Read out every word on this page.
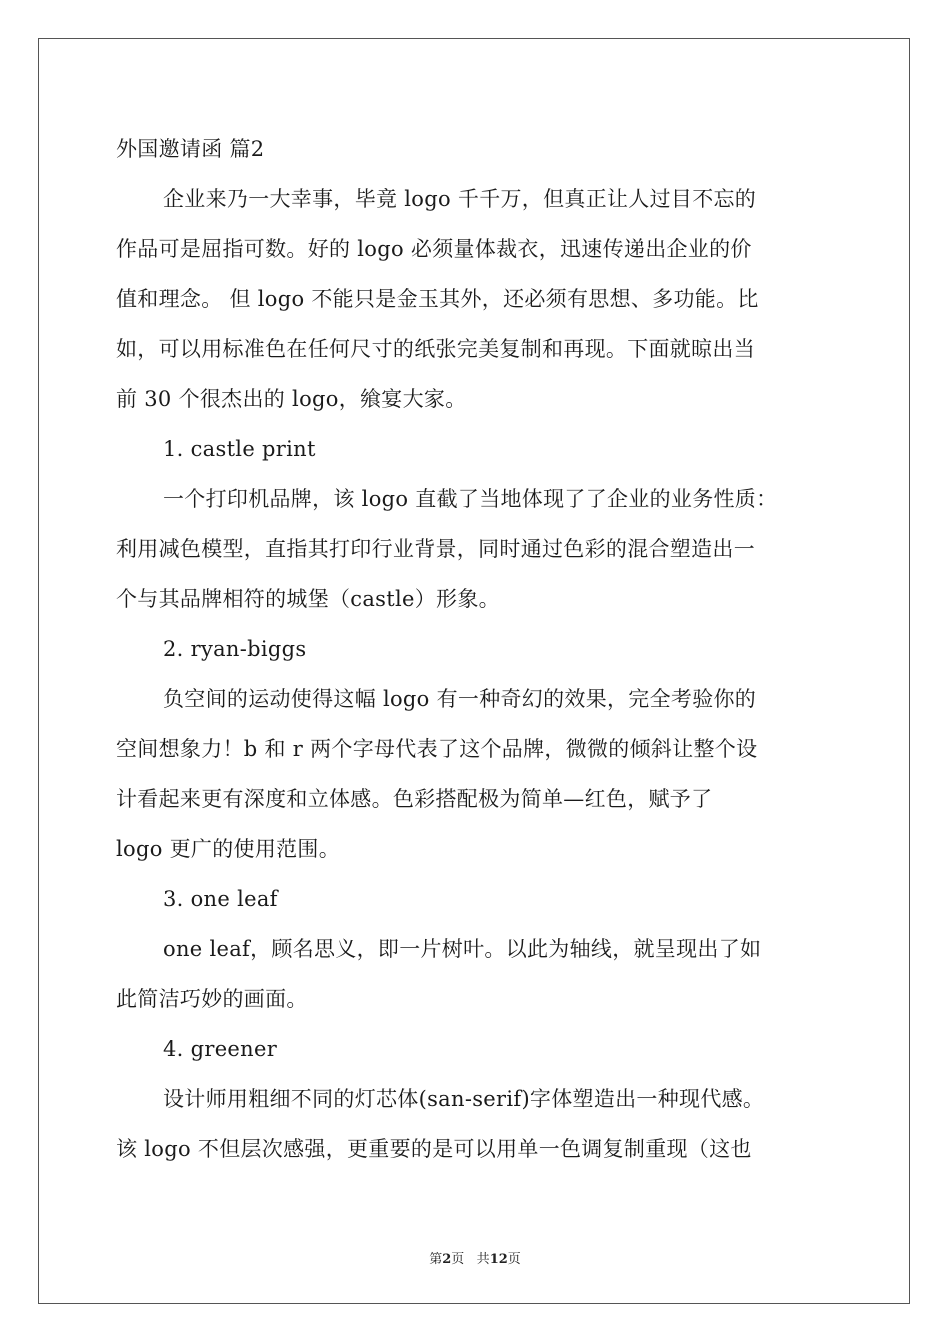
外国邀请函 篇2
企业来乃一大幸事，毕竟 logo 千千万，但真正让人过目不忘的
作品可是屈指可数。好的 logo 必须量体裁衣，迅速传递出企业的价
值和理念。 但 logo 不能只是金玉其外，还必须有思想、多功能。比
如，可以用标准色在任何尺寸的纸张完美复制和再现。下面就晾出当
前 30 个很杰出的 logo，飨宴大家。
1. castle print
一个打印机品牌，该 logo 直截了当地体现了了企业的业务性质：
利用减色模型，直指其打印行业背景，同时通过色彩的混合塑造出一
个与其品牌相符的城堡（castle）形象。
2. ryan-biggs
负空间的运动使得这幅 logo 有一种奇幻的效果，完全考验你的
空间想象力！b 和 r 两个字母代表了这个品牌，微微的倾斜让整个设
计看起来更有深度和立体感。色彩搭配极为简单—红色，赋予了
logo 更广的使用范围。
3. one leaf
one leaf，顾名思义，即一片树叶。以此为轴线，就呈现出了如
此简洁巧妙的画面。
4. greener
设计师用粗细不同的灯芯体(san-serif)字体塑造出一种现代感。
该 logo 不但层次感强，更重要的是可以用单一色调复制重现（这也
第2页 共12页
